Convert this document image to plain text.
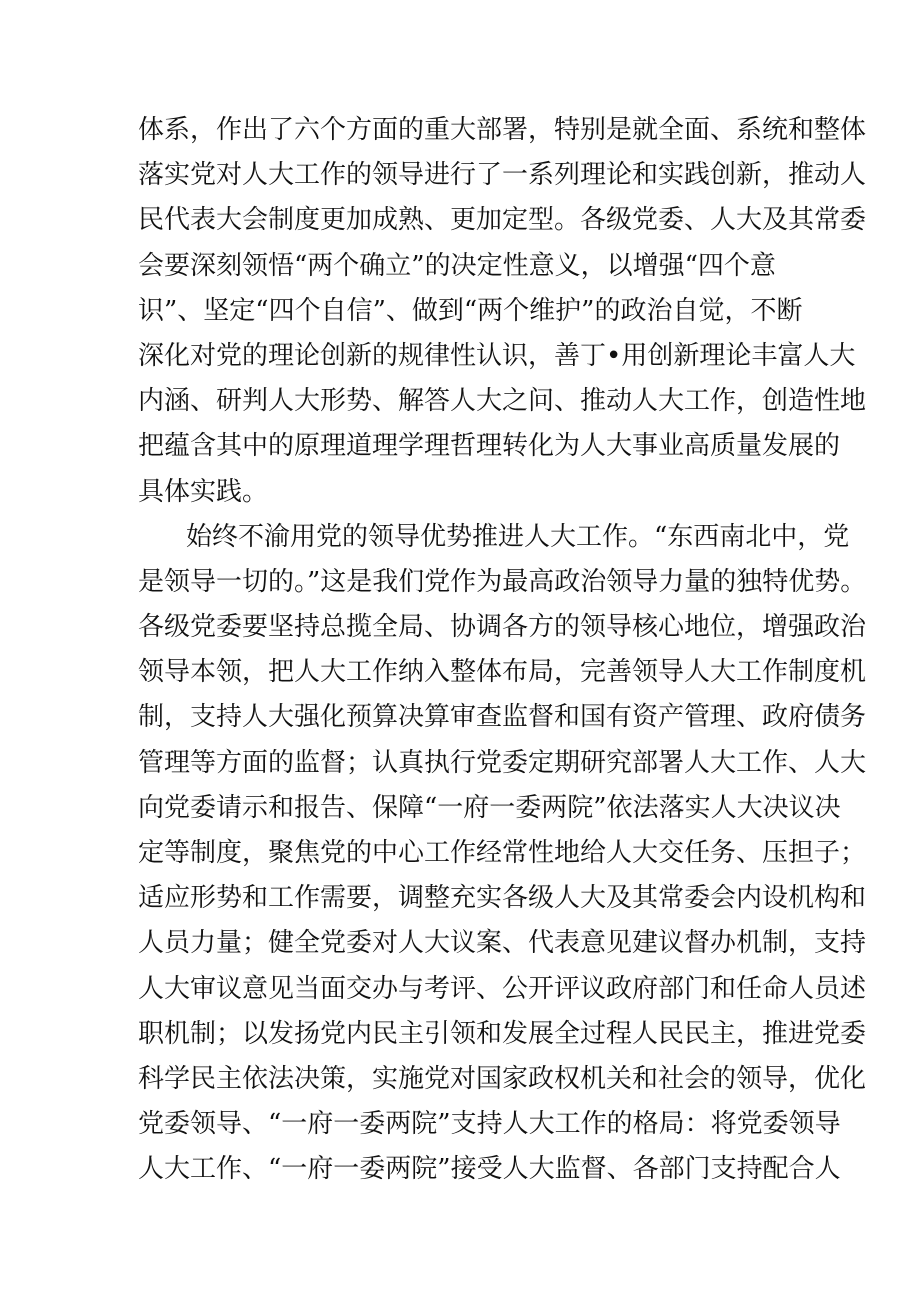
体系，作出了六个方面的重大部署，特别是就全面、系统和整体
落实党对人大工作的领导进行了一系列理论和实践创新，推动人
民代表大会制度更加成熟、更加定型。各级党委、人大及其常委
会要深刻领悟“两个确立”的决定性意义，以增强“四个意
识”、坚定“四个自信”、做到“两个维护”的政治自觉，不断
深化对党的理论创新的规律性认识，善丁•用创新理论丰富人大
内涵、研判人大形势、解答人大之问、推动人大工作，创造性地
把蕴含其中的原理道理学理哲理转化为人大事业高质量发展的
具体实践。
始终不渝用党的领导优势推进人大工作。“东西南北中，党
是领导一切的。”这是我们党作为最高政治领导力量的独特优势。
各级党委要坚持总揽全局、协调各方的领导核心地位，增强政治
领导本领，把人大工作纳入整体布局，完善领导人大工作制度机
制，支持人大强化预算决算审查监督和国有资产管理、政府债务
管理等方面的监督；认真执行党委定期研究部署人大工作、人大
向党委请示和报告、保障“一府一委两院”依法落实人大决议决
定等制度，聚焦党的中心工作经常性地给人大交任务、压担子；
适应形势和工作需要，调整充实各级人大及其常委会内设机构和
人员力量；健全党委对人大议案、代表意见建议督办机制，支持
人大审议意见当面交办与考评、公开评议政府部门和任命人员述
职机制；以发扬党内民主引领和发展全过程人民民主，推进党委
科学民主依法决策，实施党对国家政权机关和社会的领导，优化
党委领导、“一府一委两院”支持人大工作的格局：将党委领导
人大工作、“一府一委两院”接受人大监督、各部门支持配合人
